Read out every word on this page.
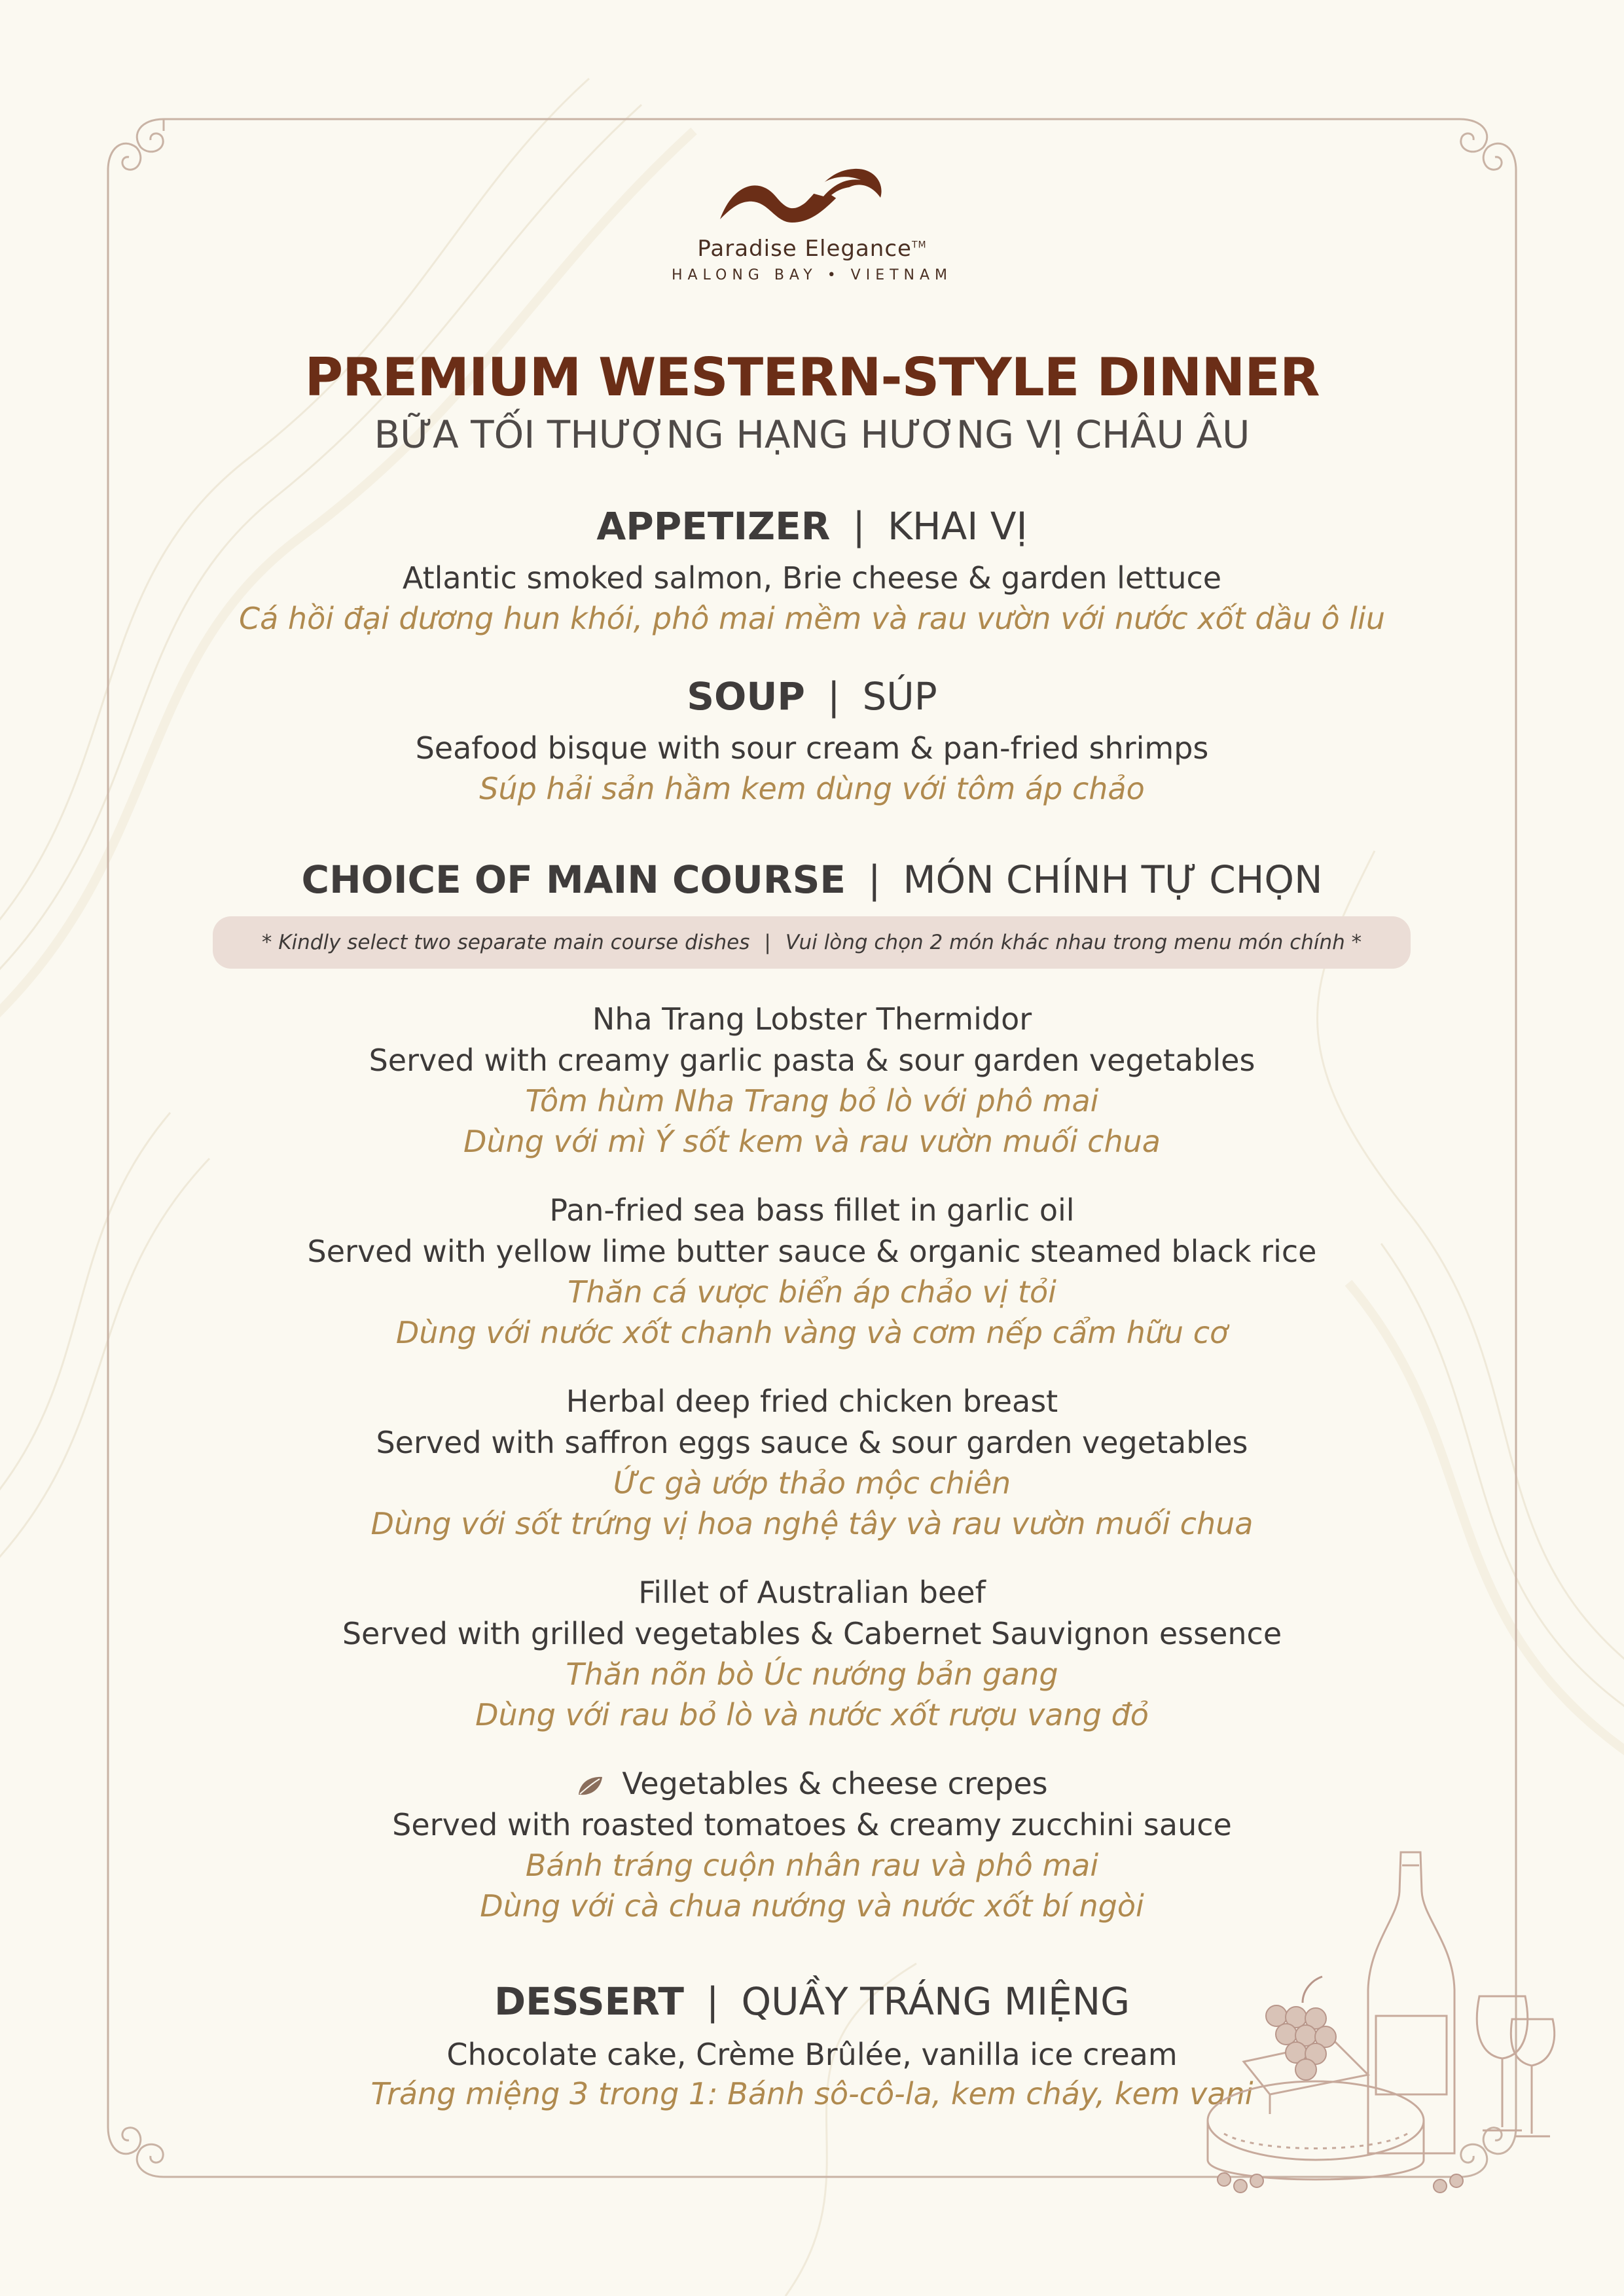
Paradise Elegance™
HALONG BAY • VIETNAM
PREMIUM WESTERN-STYLE DINNER
BỮA TỐI THƯỢNG HẠNG HƯƠNG VỊ CHÂU ÂU
APPETIZER | KHAI VỊ
Atlantic smoked salmon, Brie cheese & garden lettuce
Cá hồi đại dương hun khói, phô mai mềm và rau vườn với nước xốt dầu ô liu
SOUP | SÚP
Seafood bisque with sour cream & pan-fried shrimps
Súp hải sản hầm kem dùng với tôm áp chảo
CHOICE OF MAIN COURSE | MÓN CHÍNH TỰ CHỌN
* Kindly select two separate main course dishes | Vui lòng chọn 2 món khác nhau trong menu món chính *
Nha Trang Lobster Thermidor
Served with creamy garlic pasta & sour garden vegetables
Tôm hùm Nha Trang bỏ lò với phô mai
Dùng với mì Ý sốt kem và rau vườn muối chua
Pan-fried sea bass fillet in garlic oil
Served with yellow lime butter sauce & organic steamed black rice
Thăn cá vược biển áp chảo vị tỏi
Dùng với nước xốt chanh vàng và cơm nếp cẩm hữu cơ
Herbal deep fried chicken breast
Served with saffron eggs sauce & sour garden vegetables
Ức gà ướp thảo mộc chiên
Dùng với sốt trứng vị hoa nghệ tây và rau vườn muối chua
Fillet of Australian beef
Served with grilled vegetables & Cabernet Sauvignon essence
Thăn nõn bò Úc nướng bản gang
Dùng với rau bỏ lò và nước xốt rượu vang đỏ
Vegetables & cheese crepes
Served with roasted tomatoes & creamy zucchini sauce
Bánh tráng cuộn nhân rau và phô mai
Dùng với cà chua nướng và nước xốt bí ngòi
DESSERT | QUẦY TRÁNG MIỆNG
Chocolate cake, Crème Brûlée, vanilla ice cream
Tráng miệng 3 trong 1: Bánh sô-cô-la, kem cháy, kem vani
